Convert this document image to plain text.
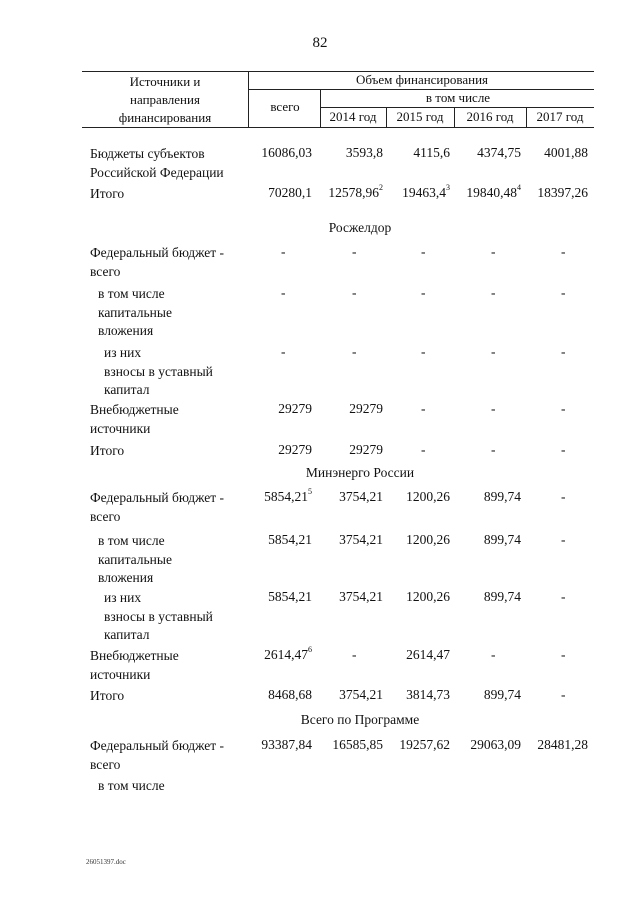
82
Источники и
направления
финансирования
Объем финансирования
всего
в том числе
2014 год	2015 год	2016 год	2017 год
Бюджеты субъектов
Российской Федерации
16086,03	3593,8 4115,6 4374,75 4001,88
Итого	70280,1 12578,96$^2$ 19463,4$^3$ 19840,48$^4$ 18397,26
Росжелдор
Федеральный бюджет -
всего
-	-	-	-	-
в том числе
капитальные
вложения
-	-	-	-	-
из них
взносы в уставный
капитал
-	-	-	-	-
Внебюджетные
источники
29279	29279	-	-	-
Итого	29279	29279	-	-	-
Минэнерго России
Федеральный бюджет -
всего
5854,21$^5$ 3754,21 1200,26	899,74	-
в том числе
капитальные
вложения
5854,21 3754,21 1200,26	899,74	-
из них
взносы в уставный
капитал
5854,21 3754,21 1200,26	899,74	-
Внебюджетные
источники
2614,47$^6$	-	2614,47	-	-
Итого	8468,68 3754,21 3814,73	899,74	-
Всего по Программе
Федеральный бюджет -
всего
93387,84 16585,85 19257,62 29063,09 28481,28
в том числе
26051397.doc
